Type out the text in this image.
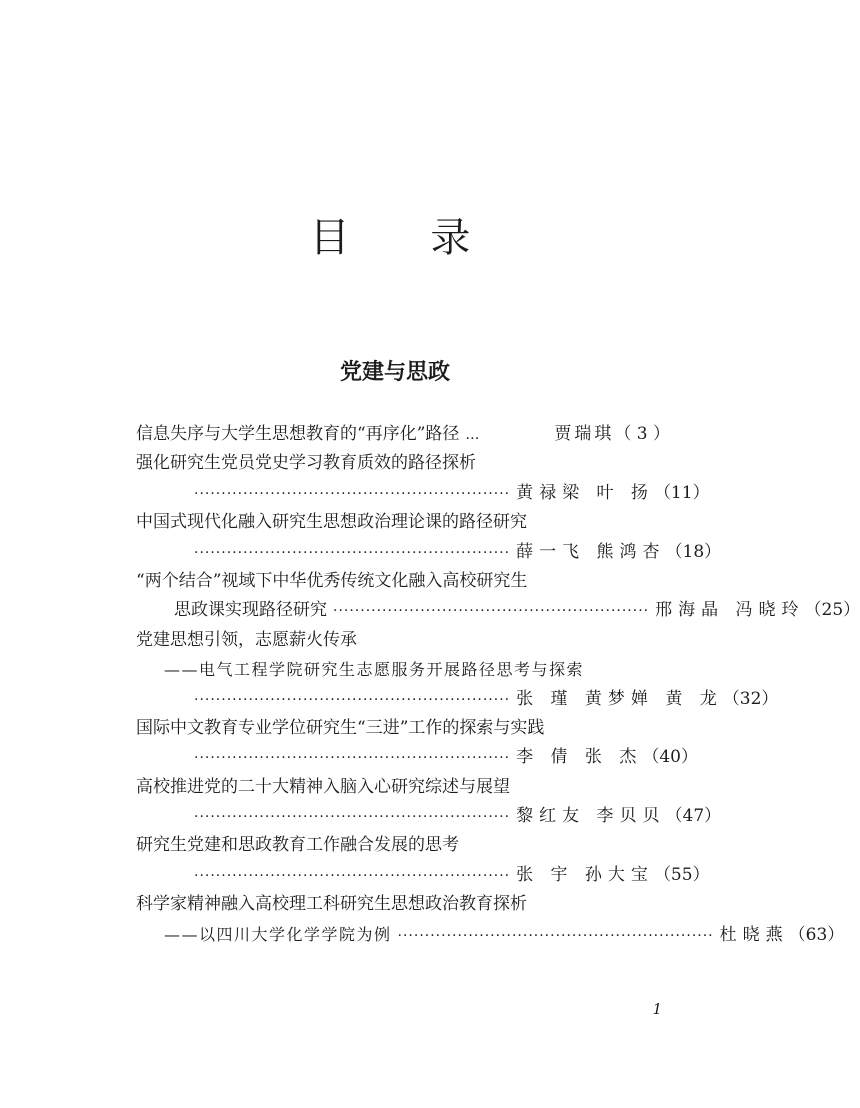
目 录
党建与思政
信息失序与大学生思想教育的“再序化”路径 …	贾瑞琪 （ 3 ）
强化研究生党员党史学习教育质效的路径探析
·························································· 黄禄梁 叶 扬 （11）
中国式现代化融入研究生思想政治理论课的路径研究
·························································· 薛一飞 熊鸿杏 （18）
“两个结合”视域下中华优秀传统文化融入高校研究生
思政课实现路径研究 ·························································· 邢海晶 冯晓玲 （25）
党建思想引领，志愿薪火传承
——电气工程学院研究生志愿服务开展路径思考与探索
·························································· 张 瑾 黄梦婵 黄 龙 （32）
国际中文教育专业学位研究生“三进”工作的探索与实践
·························································· 李 倩 张 杰 （40）
高校推进党的二十大精神入脑入心研究综述与展望
·························································· 黎红友 李贝贝 （47）
研究生党建和思政教育工作融合发展的思考
·························································· 张 宇 孙大宝 （55）
科学家精神融入高校理工科研究生思想政治教育探析
——以四川大学化学学院为例 ·························································· 杜晓燕 （63）
1
